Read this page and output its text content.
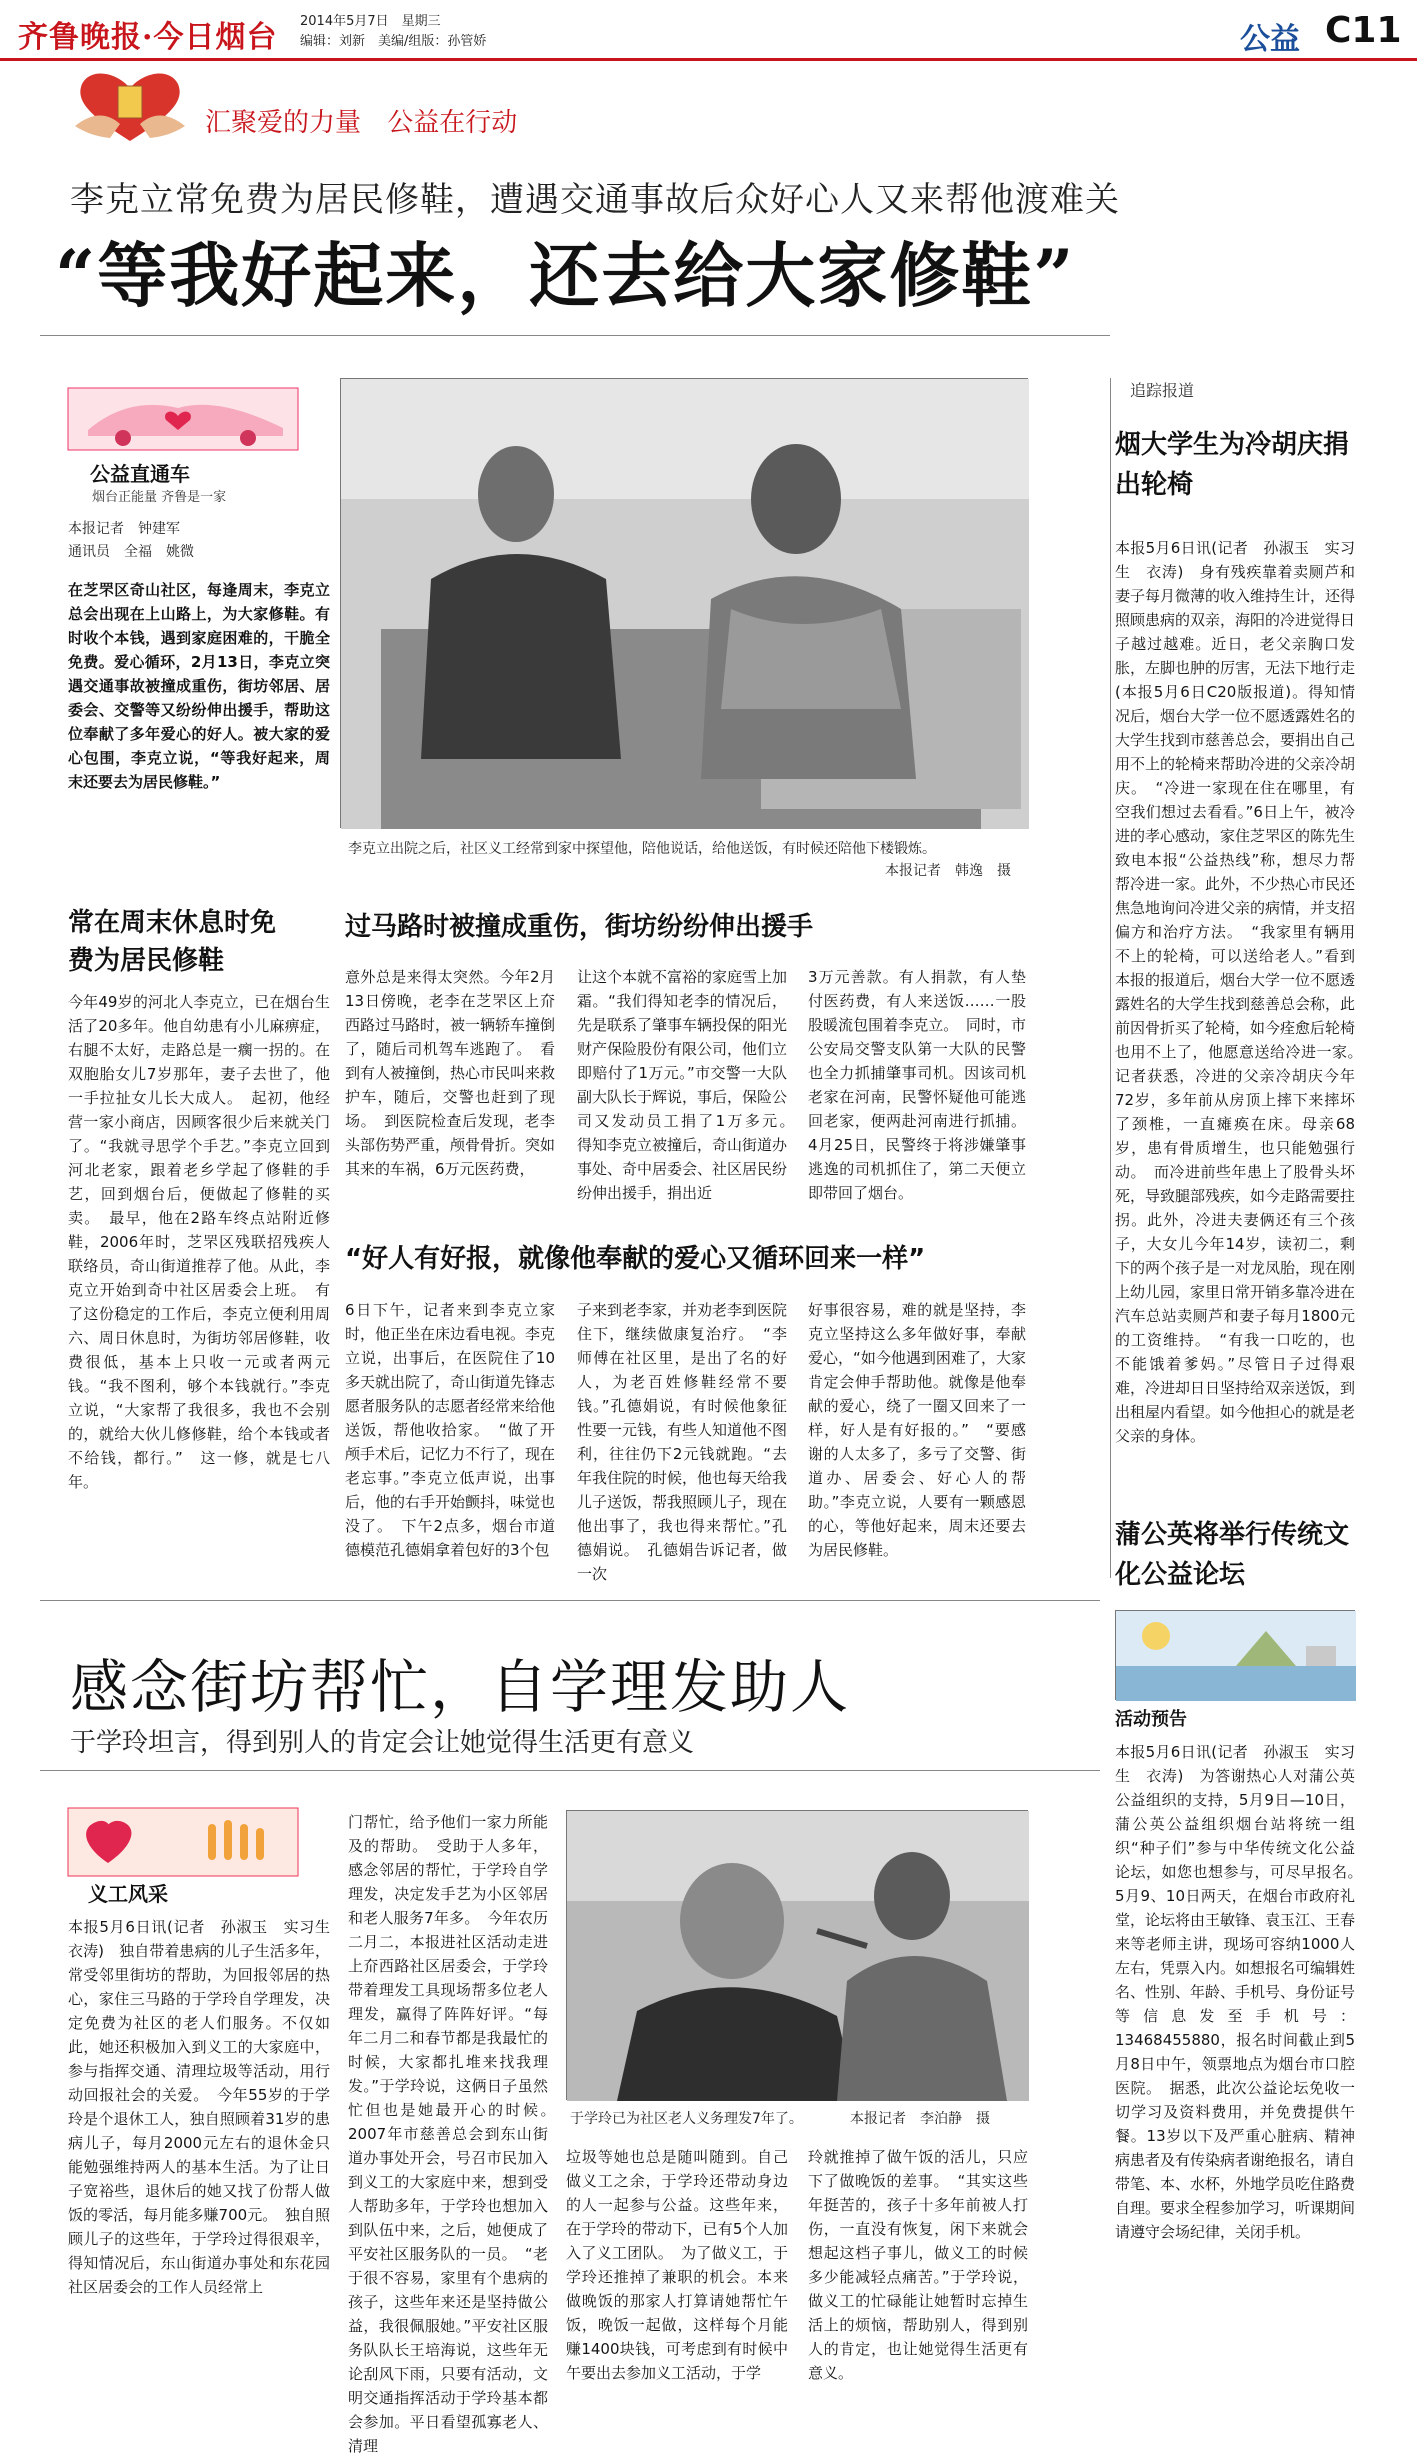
齐鲁晚报·今日烟台 2014年5月7日　星期三
编辑：刘新　美编/组版：孙管娇	公益 C11
汇聚爱的力量 公益在行动
李克立常免费为居民修鞋，遭遇交通事故后众好心人又来帮他渡难关
“等我好起来，还去给大家修鞋”
公益直通车
烟台正能量 齐鲁是一家
本报记者　钟建军
通讯员　全福　姚微
在芝罘区奇山社区，每逢周末，李克立总会出现在上山路上，为大家修鞋。有时收个本钱，遇到家庭困难的，干脆全免费。爱心循环，2月13日，李克立突遇交通事故被撞成重伤，街坊邻居、居委会、交警等又纷纷伸出援手，帮助这位奉献了多年爱心的好人。被大家的爱心包围，李克立说，“等我好起来，周末还要去为居民修鞋。”
李克立出院之后，社区义工经常到家中探望他，陪他说话，给他送饭，有时候还陪他下楼锻炼。
本报记者　韩逸　摄
常在周末休息时免费为居民修鞋
今年49岁的河北人李克立，已在烟台生活了20多年。他自幼患有小儿麻痹症，右腿不太好，走路总是一瘸一拐的。在双胞胎女儿7岁那年，妻子去世了，他一手拉扯女儿长大成人。　起初，他经营一家小商店，因顾客很少后来就关门了。“我就寻思学个手艺。”李克立回到河北老家，跟着老乡学起了修鞋的手艺，回到烟台后，便做起了修鞋的买卖。　最早，他在2路车终点站附近修鞋，2006年时，芝罘区残联招残疾人联络员，奇山街道推荐了他。从此，李克立开始到奇中社区居委会上班。　有了这份稳定的工作后，李克立便利用周六、周日休息时，为街坊邻居修鞋，收费很低，基本上只收一元或者两元钱。“我不图利，够个本钱就行。”李克立说，“大家帮了我很多，我也不会别的，就给大伙儿修修鞋，给个本钱或者不给钱，都行。”　这一修，就是七八年。
过马路时被撞成重伤，街坊纷纷伸出援手
意外总是来得太突然。今年2月13日傍晚，老李在芝罘区上夼西路过马路时，被一辆轿车撞倒了，随后司机驾车逃跑了。　看到有人被撞倒，热心市民叫来救护车，随后，交警也赶到了现场。　到医院检查后发现，老李头部伤势严重，颅骨骨折。突如其来的车祸，6万元医药费，
让这个本就不富裕的家庭雪上加霜。“我们得知老李的情况后，先是联系了肇事车辆投保的阳光财产保险股份有限公司，他们立即赔付了1万元。”市交警一大队副大队长于辉说，事后，保险公司又发动员工捐了1万多元。　得知李克立被撞后，奇山街道办事处、奇中居委会、社区居民纷纷伸出援手，捐出近
3万元善款。有人捐款，有人垫付医药费，有人来送饭……一股股暖流包围着李克立。　同时，市公安局交警支队第一大队的民警也全力抓捕肇事司机。因该司机老家在河南，民警怀疑他可能逃回老家，便两赴河南进行抓捕。4月25日，民警终于将涉嫌肇事逃逸的司机抓住了，第二天便立即带回了烟台。
“好人有好报，就像他奉献的爱心又循环回来一样”
6日下午，记者来到李克立家时，他正坐在床边看电视。李克立说，出事后，在医院住了10多天就出院了，奇山街道先锋志愿者服务队的志愿者经常来给他送饭，帮他收拾家。　“做了开颅手术后，记忆力不行了，现在老忘事。”李克立低声说，出事后，他的右手开始颤抖，味觉也没了。　下午2点多，烟台市道德模范孔德娟拿着包好的3个包
子来到老李家，并劝老李到医院住下，继续做康复治疗。　“李师傅在社区里，是出了名的好人，为老百姓修鞋经常不要钱。”孔德娟说，有时候他象征性要一元钱，有些人知道他不图利，往往仍下2元钱就跑。“去年我住院的时候，他也每天给我儿子送饭，帮我照顾儿子，现在他出事了，我也得来帮忙。”孔德娟说。　孔德娟告诉记者，做一次
好事很容易，难的就是坚持，李克立坚持这么多年做好事，奉献爱心，“如今他遇到困难了，大家肯定会伸手帮助他。就像是他奉献的爱心，绕了一圈又回来了一样，好人是有好报的。”　“要感谢的人太多了，多亏了交警、街道办、居委会、好心人的帮助。”李克立说，人要有一颗感恩的心，等他好起来，周末还要去为居民修鞋。
追踪报道
烟大学生为冷胡庆捐出轮椅
本报5月6日讯(记者　孙淑玉　实习生　衣涛)　身有残疾靠着卖厕芦和妻子每月微薄的收入维持生计，还得照顾患病的双亲，海阳的冷进觉得日子越过越难。近日，老父亲胸口发胀，左脚也肿的厉害，无法下地行走(本报5月6日C20版报道)。得知情况后，烟台大学一位不愿透露姓名的大学生找到市慈善总会，要捐出自己用不上的轮椅来帮助冷进的父亲冷胡庆。　“冷进一家现在住在哪里，有空我们想过去看看。”6日上午，被冷进的孝心感动，家住芝罘区的陈先生致电本报“公益热线”称，想尽力帮帮冷进一家。此外，不少热心市民还焦急地询问冷进父亲的病情，并支招偏方和治疗方法。　“我家里有辆用不上的轮椅，可以送给老人。”看到本报的报道后，烟台大学一位不愿透露姓名的大学生找到慈善总会称，此前因骨折买了轮椅，如今痊愈后轮椅也用不上了，他愿意送给冷进一家。　记者获悉，冷进的父亲冷胡庆今年72岁，多年前从房顶上摔下来摔坏了颈椎，一直瘫痪在床。母亲68岁，患有骨质增生，也只能勉强行动。　而冷进前些年患上了股骨头坏死，导致腿部残疾，如今走路需要拄拐。此外，冷进夫妻俩还有三个孩子，大女儿今年14岁，读初二，剩下的两个孩子是一对龙凤胎，现在刚上幼儿园，家里日常开销多靠冷进在汽车总站卖厕芦和妻子每月1800元的工资维持。　“有我一口吃的，也不能饿着爹妈。”尽管日子过得艰难，冷进却日日坚持给双亲送饭，到出租屋内看望。如今他担心的就是老父亲的身体。
蒲公英将举行传统文化公益论坛
活动预告
本报5月6日讯(记者　孙淑玉　实习生　衣涛)　为答谢热心人对蒲公英公益组织的支持，5月9日—10日，蒲公英公益组织烟台站将统一组织“种子们”参与中华传统文化公益论坛，如您也想参与，可尽早报名。　5月9、10日两天，在烟台市政府礼堂，论坛将由王敏锋、袁玉江、王春来等老师主讲，现场可容纳1000人左右，凭票入内。如想报名可编辑姓名、性别、年龄、手机号、身份证号等信息发至手机号：13468455880，报名时间截止到5月8日中午，领票地点为烟台市口腔医院。　据悉，此次公益论坛免收一切学习及资料费用，并免费提供午餐。13岁以下及严重心脏病、精神病患者及有传染病者谢绝报名，请自带笔、本、水杯，外地学员吃住路费自理。要求全程参加学习，听课期间请遵守会场纪律，关闭手机。
感念街坊帮忙，自学理发助人
于学玲坦言，得到别人的肯定会让她觉得生活更有意义
义工风采
本报5月6日讯(记者　孙淑玉　实习生　衣涛)　独自带着患病的儿子生活多年，常受邻里街坊的帮助，为回报邻居的热心，家住三马路的于学玲自学理发，决定免费为社区的老人们服务。不仅如此，她还积极加入到义工的大家庭中，参与指挥交通、清理垃圾等活动，用行动回报社会的关爱。　今年55岁的于学玲是个退休工人，独自照顾着31岁的患病儿子，每月2000元左右的退休金只能勉强维持两人的基本生活。为了让日子宽裕些，退休后的她又找了份帮人做饭的零活，每月能多赚700元。　独自照顾儿子的这些年，于学玲过得很艰辛，得知情况后，东山街道办事处和东花园社区居委会的工作人员经常上
门帮忙，给予他们一家力所能及的帮助。　受助于人多年，感念邻居的帮忙，于学玲自学理发，决定发手艺为小区邻居和老人服务7年多。　今年农历二月二，本报进社区活动走进上夼西路社区居委会，于学玲带着理发工具现场帮多位老人理发，赢得了阵阵好评。“每年二月二和春节都是我最忙的时候，大家都扎堆来找我理发。”于学玲说，这俩日子虽然忙但也是她最开心的时候。　2007年市慈善总会到东山街道办事处开会，号召市民加入到义工的大家庭中来，想到受人帮助多年，于学玲也想加入到队伍中来，之后，她便成了平安社区服务队的一员。　“老于很不容易，家里有个患病的孩子，这些年来还是坚持做公益，我很佩服她。”平安社区服务队队长王培海说，这些年无论刮风下雨，只要有活动，文明交通指挥活动于学玲基本都会参加。平日看望孤寡老人、清理
于学玲已为社区老人义务理发7年了。	本报记者　李泊静　摄
垃圾等她也总是随叫随到。自己做义工之余，于学玲还带动身边的人一起参与公益。这些年来，在于学玲的带动下，已有5个人加入了义工团队。　为了做义工，于学玲还推掉了兼职的机会。本来做晚饭的那家人打算请她帮忙午饭，晚饭一起做，这样每个月能赚1400块钱，可考虑到有时候中午要出去参加义工活动，于学
玲就推掉了做午饭的活儿，只应下了做晚饭的差事。　“其实这些年挺苦的，孩子十多年前被人打伤，一直没有恢复，闲下来就会想起这档子事儿，做义工的时候多少能减轻点痛苦。”于学玲说，做义工的忙碌能让她暂时忘掉生活上的烦恼，帮助别人，得到别人的肯定，也让她觉得生活更有意义。
